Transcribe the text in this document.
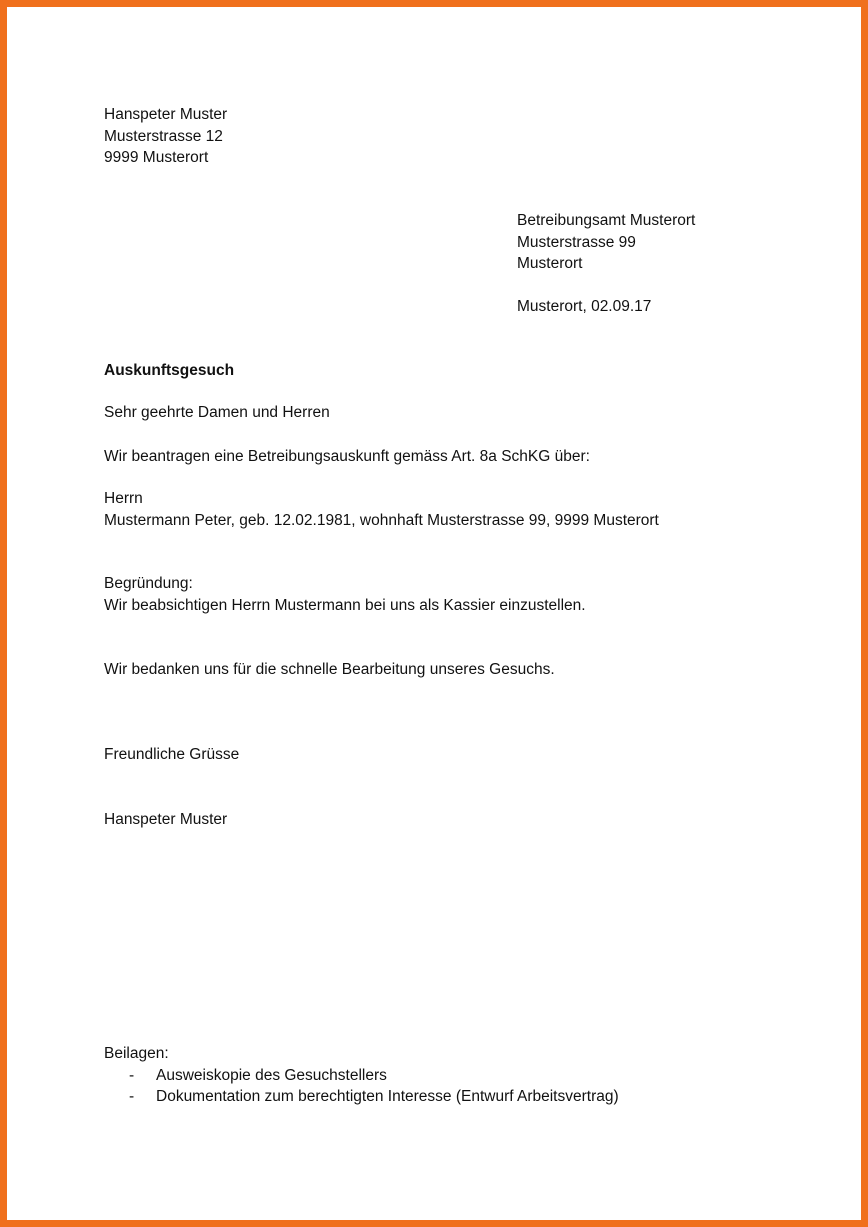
Hanspeter Muster
Musterstrasse 12
9999 Musterort
Betreibungsamt Musterort
Musterstrasse 99
Musterort
Musterort, 02.09.17
Auskunftsgesuch
Sehr geehrte Damen und Herren
Wir beantragen eine Betreibungsauskunft gemäss Art. 8a SchKG über:
Herrn
Mustermann Peter, geb. 12.02.1981, wohnhaft Musterstrasse 99, 9999 Musterort
Begründung:
Wir beabsichtigen Herrn Mustermann bei uns als Kassier einzustellen.
Wir bedanken uns für die schnelle Bearbeitung unseres Gesuchs.
Freundliche Grüsse
Hanspeter Muster
Beilagen:
- Ausweiskopie des Gesuchstellers
- Dokumentation zum berechtigten Interesse (Entwurf Arbeitsvertrag)
